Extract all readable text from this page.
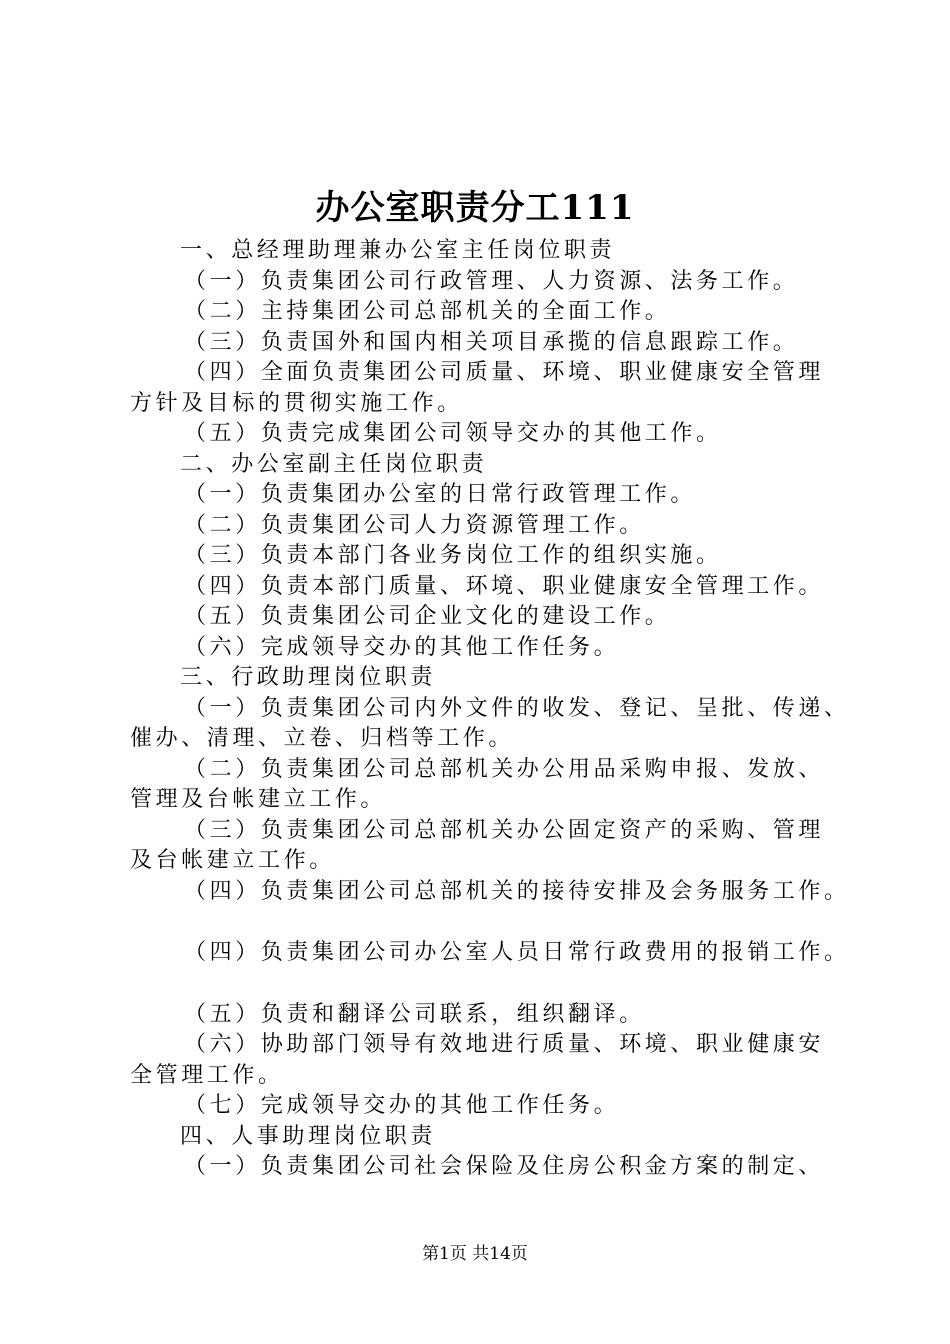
办公室职责分工111
一、总经理助理兼办公室主任岗位职责
（一）负责集团公司行政管理、人力资源、法务工作。
（二）主持集团公司总部机关的全面工作。
（三）负责国外和国内相关项目承揽的信息跟踪工作。
（四）全面负责集团公司质量、环境、职业健康安全管理
方针及目标的贯彻实施工作。
（五）负责完成集团公司领导交办的其他工作。
二、办公室副主任岗位职责
（一）负责集团办公室的日常行政管理工作。
（二）负责集团公司人力资源管理工作。
（三）负责本部门各业务岗位工作的组织实施。
（四）负责本部门质量、环境、职业健康安全管理工作。
（五）负责集团公司企业文化的建设工作。
（六）完成领导交办的其他工作任务。
三、行政助理岗位职责
（一）负责集团公司内外文件的收发、登记、呈批、传递、
催办、清理、立卷、归档等工作。
（二）负责集团公司总部机关办公用品采购申报、发放、
管理及台帐建立工作。
（三）负责集团公司总部机关办公固定资产的采购、管理
及台帐建立工作。
（四）负责集团公司总部机关的接待安排及会务服务工作。
（四）负责集团公司办公室人员日常行政费用的报销工作。
（五）负责和翻译公司联系，组织翻译。
（六）协助部门领导有效地进行质量、环境、职业健康安
全管理工作。
（七）完成领导交办的其他工作任务。
四、人事助理岗位职责
（一）负责集团公司社会保险及住房公积金方案的制定、
第1页 共14页
